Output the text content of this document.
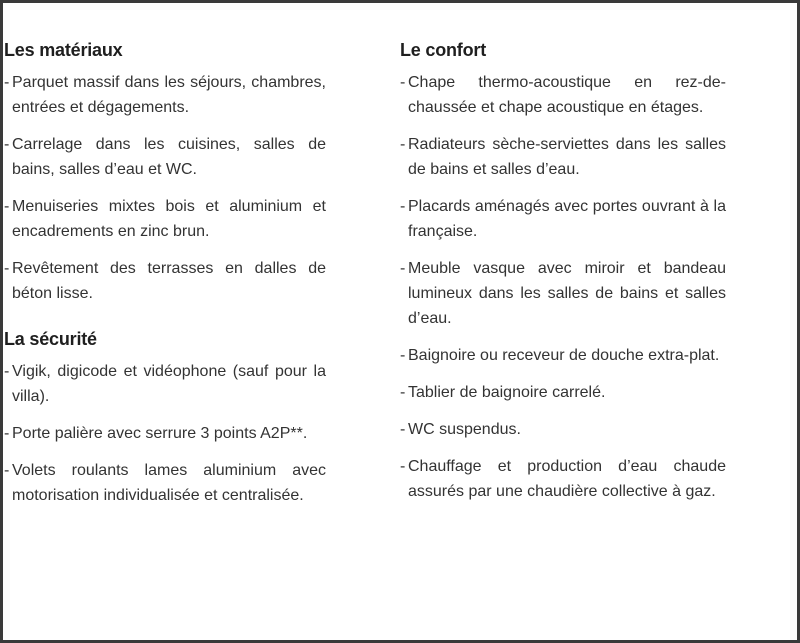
Les matériaux
- Parquet massif dans les séjours, chambres, entrées et dégagements.
- Carrelage dans les cuisines, salles de bains, salles d’eau et WC.
- Menuiseries mixtes bois et aluminium et encadrements en zinc brun.
- Revêtement des terrasses en dalles de béton lisse.
La sécurité
- Vigik, digicode et vidéophone (sauf pour la villa).
- Porte palière avec serrure 3 points A2P**.
- Volets roulants lames aluminium avec motorisation individualisée et centralisée.
Le confort
- Chape thermo-acoustique en rez-de-chaussée et chape acoustique en étages.
- Radiateurs sèche-serviettes dans les salles de bains et salles d’eau.
- Placards aménagés avec portes ouvrant à la française.
- Meuble vasque avec miroir et bandeau lumineux dans les salles de bains et salles d’eau.
- Baignoire ou receveur de douche extra-plat.
- Tablier de baignoire carrelé.
- WC suspendus.
- Chauffage et production d’eau chaude assurés par une chaudière collective à gaz.
